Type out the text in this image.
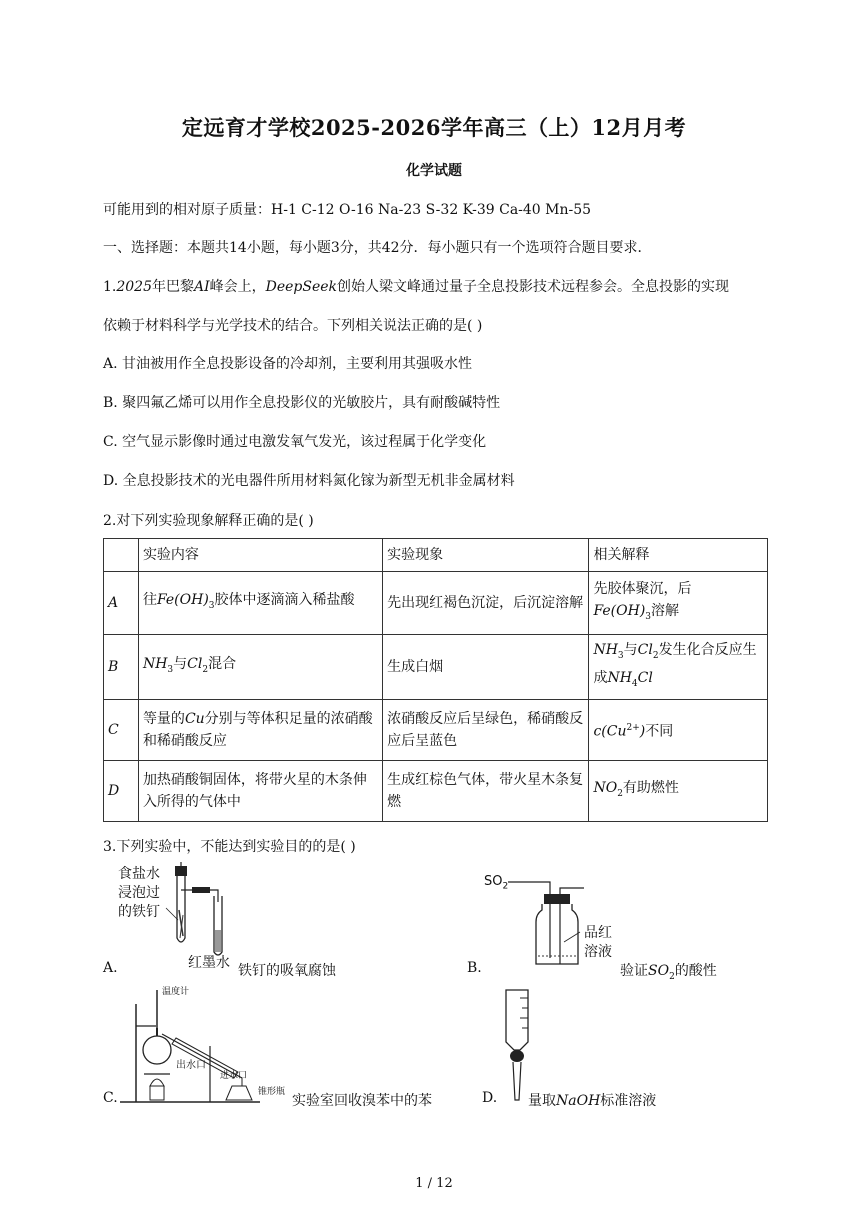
定远育才学校2025-2026学年高三（上）12月月考
化学试题
可能用到的相对原子质量：H-1 C-12 O-16 Na-23 S-32 K-39 Ca-40 Mn-55
一、选择题：本题共14小题，每小题3分，共42分．每小题只有一个选项符合题目要求．
1.2025年巴黎AI峰会上，DeepSeek创始人梁文峰通过量子全息投影技术远程参会。全息投影的实现
依赖于材料科学与光学技术的结合。下列相关说法正确的是( )
A. 甘油被用作全息投影设备的冷却剂，主要利用其强吸水性
B. 聚四氟乙烯可以用作全息投影仪的光敏胶片，具有耐酸碱特性
C. 空气显示影像时通过电激发氧气发光，该过程属于化学变化
D. 全息投影技术的光电器件所用材料氮化镓为新型无机非金属材料
2.对下列实验现象解释正确的是( )
	实验内容	实验现象	相关解释
A	往$Fe(OH)_3$胶体中逐滴滴入稀盐酸	先出现红褐色沉淀，后沉淀溶解	先胶体聚沉，后
$Fe(OH)_3$溶解
B	$NH_3$与$Cl_2$混合	生成白烟	$NH_3$与$Cl_2$发生化合反应生
成$NH_4Cl$
C	等量的Cu分别与等体积足量的浓硝酸和稀硝酸反应	浓硝酸反应后呈绿色，稀硝酸反应后呈蓝色	$c(Cu^{2+})$不同
D	加热硝酸铜固体，将带火星的木条伸入所得的气体中	生成红棕色气体，带火星木条复燃	$NO_2$有助燃性
3.下列实验中，不能达到实验目的的是( )
食盐水
浸泡过
的铁钉
红墨水
A.	铁钉的吸氧腐蚀
$SO_2$
品红
溶液
B.	验证$SO_2$的酸性
温度计
出水口
进水口
锥形瓶
C.	实验室回收溴苯中的苯	D. 量取NaOH标准溶液
1 / 12
